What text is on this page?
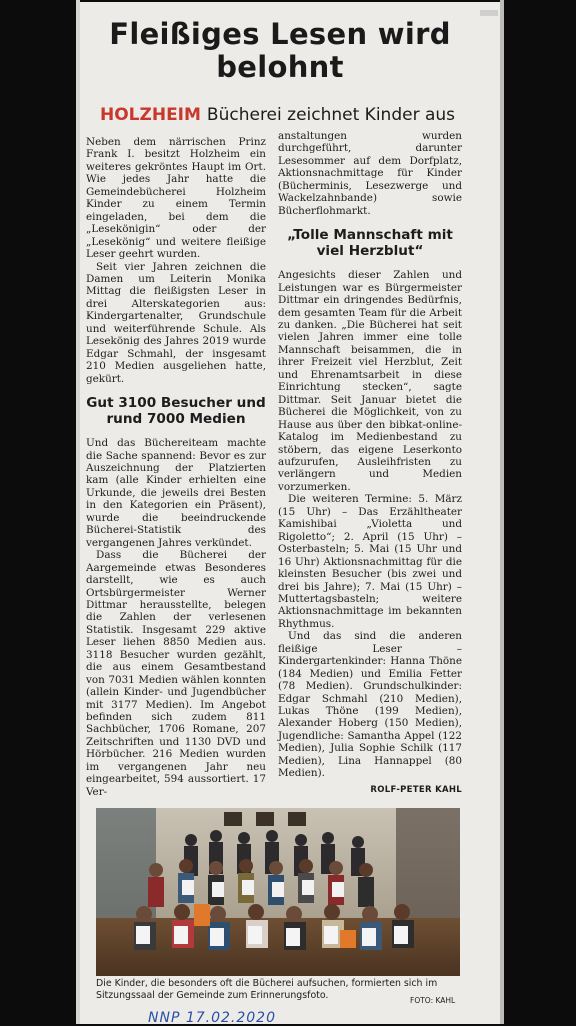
Fleißiges Lesen wird belohnt
HOLZHEIM Bücherei zeichnet Kinder aus

Neben dem närrischen Prinz Frank I. besitzt Holzheim ein weiteres gekröntes Haupt im Ort. Wie jedes Jahr hatte die Gemeindebücherei Holzheim Kinder zu einem Termin eingeladen, bei dem die „Lesekönigin“ oder der „Lesekönig“ und weitere fleißige Leser geehrt wurden.

Seit vier Jahren zeichnen die Damen um Leiterin Monika Mittag die fleißigsten Leser in drei Alterskategorien aus: Kindergartenalter, Grundschule und weiterführende Schule. Als Lesekönig des Jahres 2019 wurde Edgar Schmahl, der insgesamt 210 Medien ausgeliehen hatte, gekürt.

Gut 3100 Besucher und rund 7000 Medien

Und das Büchereiteam machte die Sache spannend: Bevor es zur Auszeichnung der Platzierten kam (alle Kinder erhielten eine Urkunde, die jeweils drei Besten in den Kategorien ein Präsent), wurde die beeindruckende Bücherei-Statistik des vergangenen Jahres verkündet.

Dass die Bücherei der Aargemeinde etwas Besonderes darstellt, wie es auch Ortsbürgermeister Werner Dittmar herausstellte, belegen die Zahlen der verlesenen Statistik. Insgesamt 229 aktive Leser liehen 8850 Medien aus. 3118 Besucher wurden gezählt, die aus einem Gesamtbestand von 7031 Medien wählen konnten (allein Kinder- und Jugendbücher mit 3177 Medien). Im Angebot befinden sich zudem 811 Sachbücher, 1706 Romane, 207 Zeitschriften und 1130 DVD und Hörbücher. 216 Medien wurden im vergangenen Jahr neu eingearbeitet, 594 aussortiert. 17 Ver-

anstaltungen wurden durchgeführt, darunter Lesesommer auf dem Dorfplatz, Aktionsnachmittage für Kinder (Bücherminis, Lesezwerge und Wackelzahnbande) sowie Bücherflohmarkt.

„Tolle Mannschaft mit viel Herzblut“

Angesichts dieser Zahlen und Leistungen war es Bürgermeister Dittmar ein dringendes Bedürfnis, dem gesamten Team für die Arbeit zu danken. „Die Bücherei hat seit vielen Jahren immer eine tolle Mannschaft beisammen, die in ihrer Freizeit viel Herzblut, Zeit und Ehrenamtsarbeit in diese Einrichtung stecken“, sagte Dittmar. Seit Januar bietet die Bücherei die Möglichkeit, von zu Hause aus über den bibkat-online-Katalog im Medienbestand zu stöbern, das eigene Leserkonto aufzurufen, Ausleihfristen zu verlängern und Medien vorzumerken.

Die weiteren Termine: 5. März (15 Uhr) – Das Erzähltheater Kamishibai „Violetta und Rigoletto“; 2. April (15 Uhr) – Osterbasteln; 5. Mai (15 Uhr und 16 Uhr) Aktionsnachmittag für die kleinsten Besucher (bis zwei und drei bis Jahre); 7. Mai (15 Uhr) – Muttertagsbasteln; weitere Aktionsnachmittage im bekannten Rhythmus.

Und das sind die anderen fleißige Leser – Kindergartenkinder: Hanna Thöne (184 Medien) und Emilia Fetter (78 Medien). Grundschulkinder: Edgar Schmahl (210 Medien), Lukas Thöne (199 Medien), Alexander Hoberg (150 Medien), Jugendliche: Samantha Appel (122 Medien), Julia Sophie Schilk (117 Medien), Lina Hannappel (80 Medien).

ROLF-PETER KAHL
Die Kinder, die besonders oft die Bücherei aufsuchen, formierten sich im Sitzungssaal der Gemeinde zum Erinnerungsfoto.	FOTO: KAHL
NNP 17.02.2020
